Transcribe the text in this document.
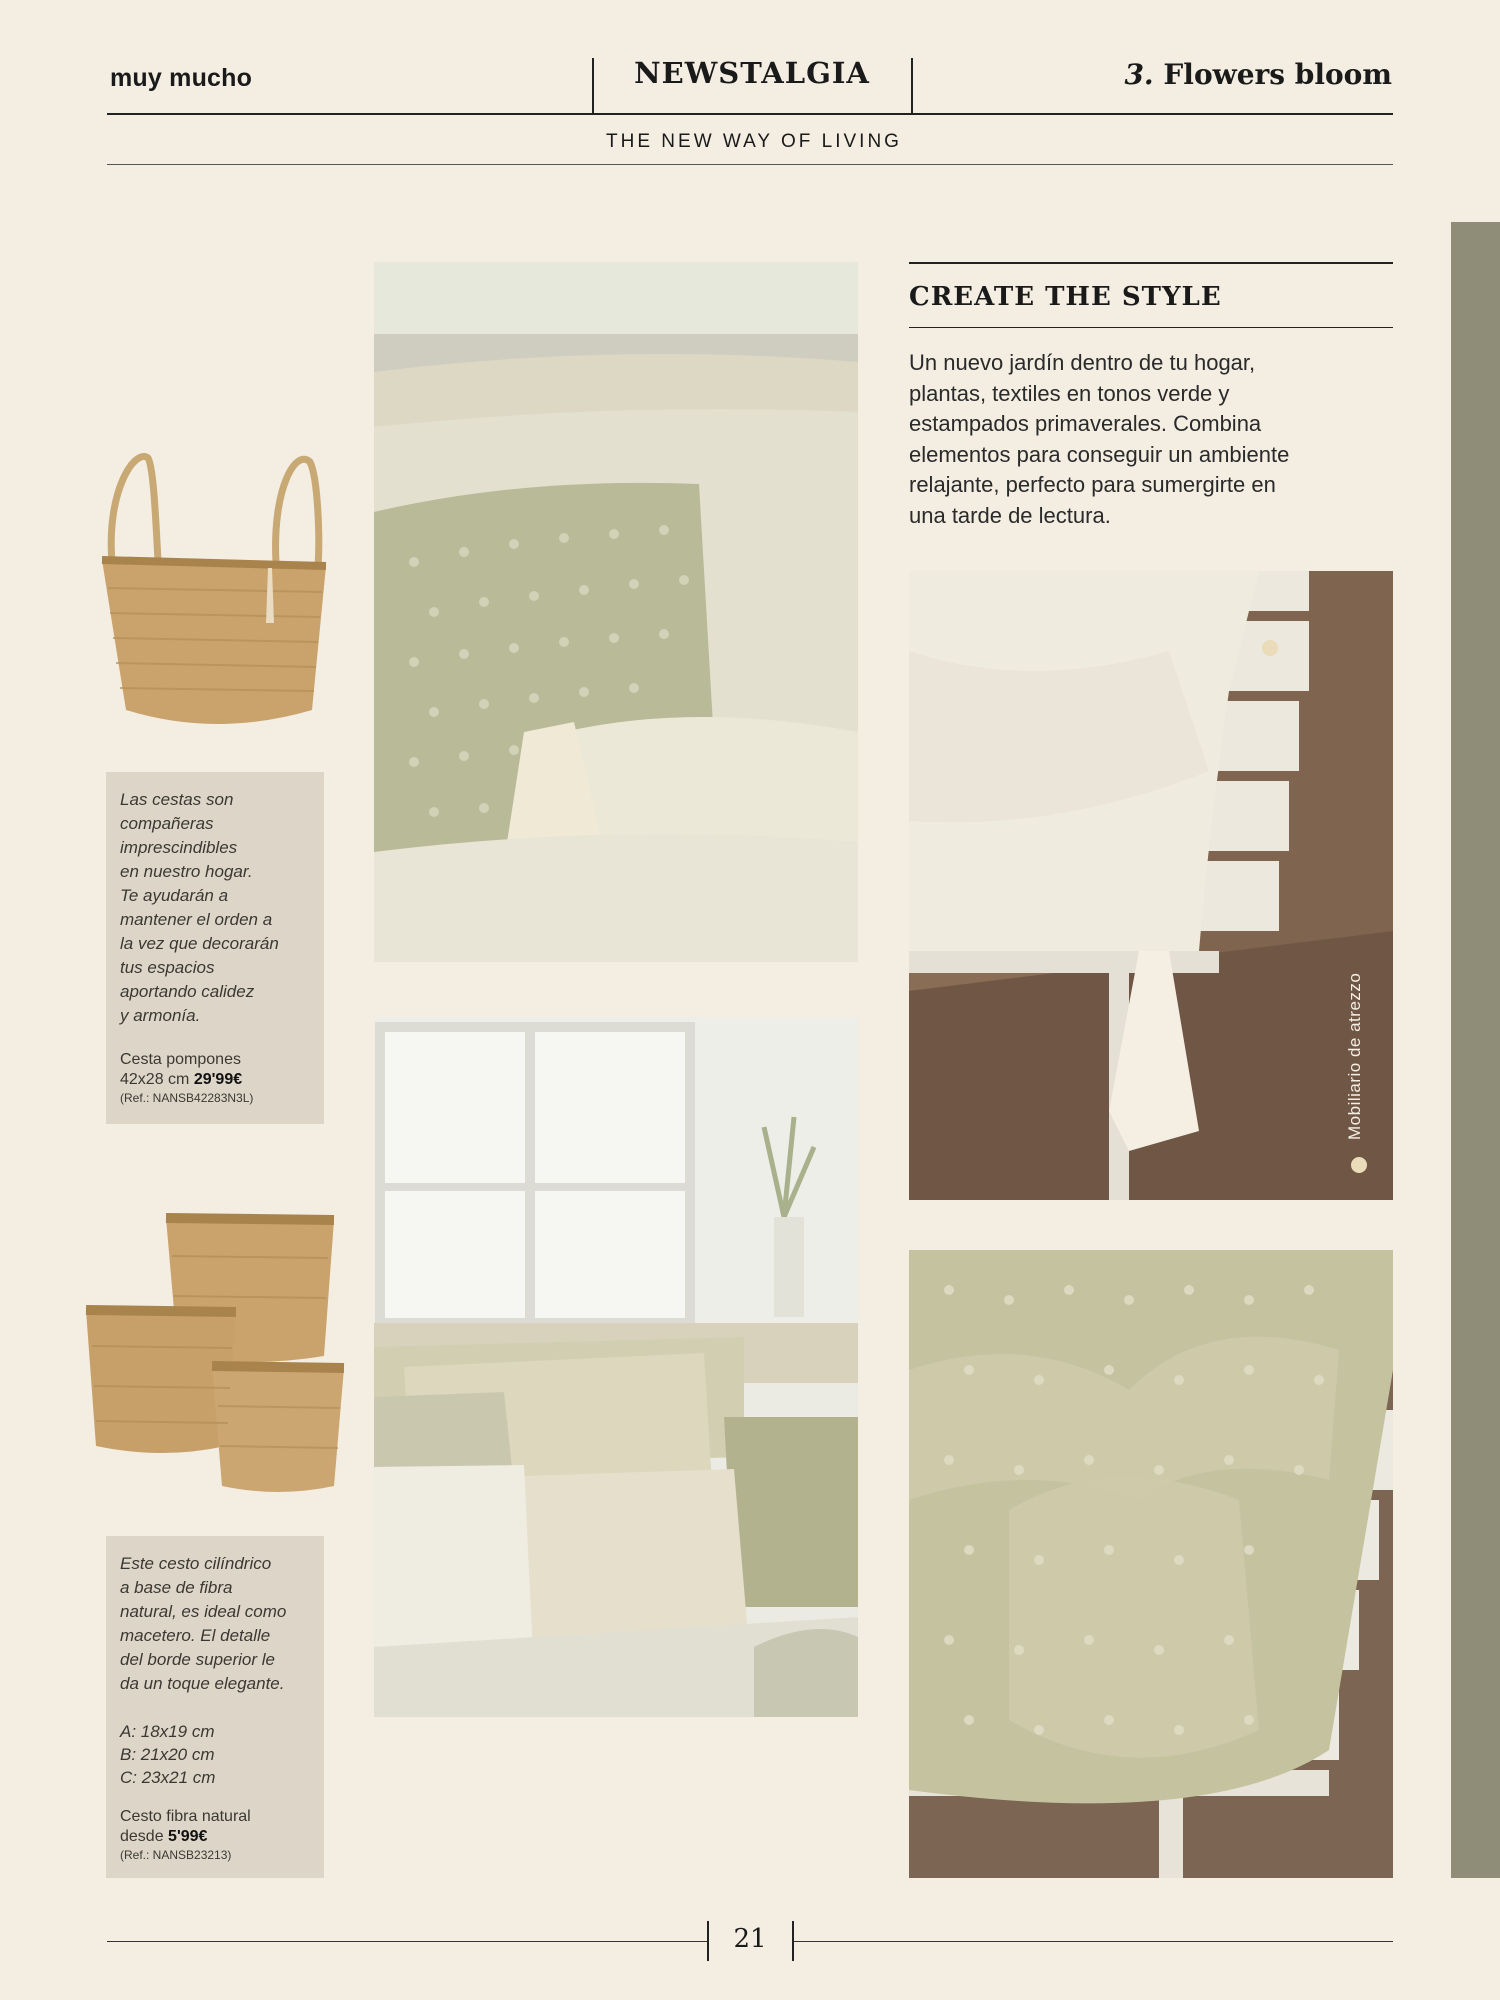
muy mucho	NEWSTALGIA	3. Flowers bloom
THE NEW WAY OF LIVING
Las cestas son
compañeras
imprescindibles
en nuestro hogar.
Te ayudarán a
mantener el orden a
la vez que decorarán
tus espacios
aportando calidez
y armonía.
Cesta pompones
42x28 cm 29'99€
(Ref.: NANSB42283N3L)
Este cesto cilíndrico
a base de fibra
natural, es ideal como
macetero. El detalle
del borde superior le
da un toque elegante.
A: 18x19 cm
B: 21x20 cm
C: 23x21 cm
Cesto fibra natural
desde 5'99€
(Ref.: NANSB23213)
CREATE THE STYLE
Un nuevo jardín dentro de tu hogar,
plantas, textiles en tonos verde y
estampados primaverales. Combina
elementos para conseguir un ambiente
relajante, perfecto para sumergirte en
una tarde de lectura.
Mobiliario de atrezzo
21
